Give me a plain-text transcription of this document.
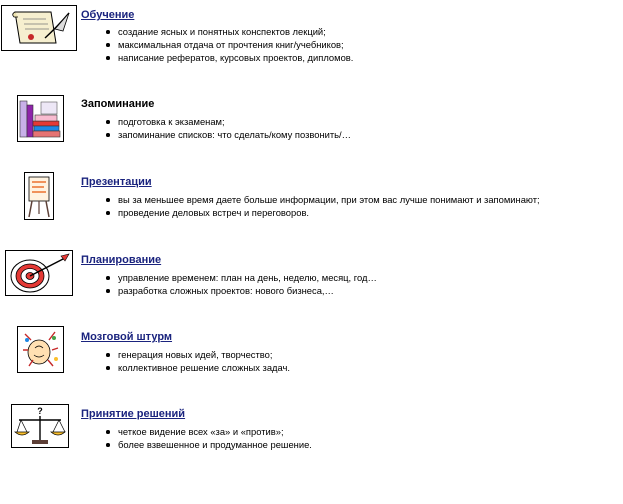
Обучение
создание ясных и понятных конспектов лекций;
максимальная отдача от прочтения книг/учебников;
написание рефератов, курсовых проектов, дипломов.
Запоминание
подготовка к экзаменам;
запоминание списков: что сделать/кому позвонить/…
Презентации
вы за меньшее время даете больше информации, при этом вас лучше понимают и запоминают;
проведение деловых встреч и переговоров.
Планирование
управление временем: план на день, неделю, месяц, год…
разработка сложных проектов: нового бизнеса,…
Мозговой штурм
генерация новых идей, творчество;
коллективное решение сложных задач.
?	Принятие решений
четкое видение всех «за» и «против»;
более взвешенное и продуманное решение.
